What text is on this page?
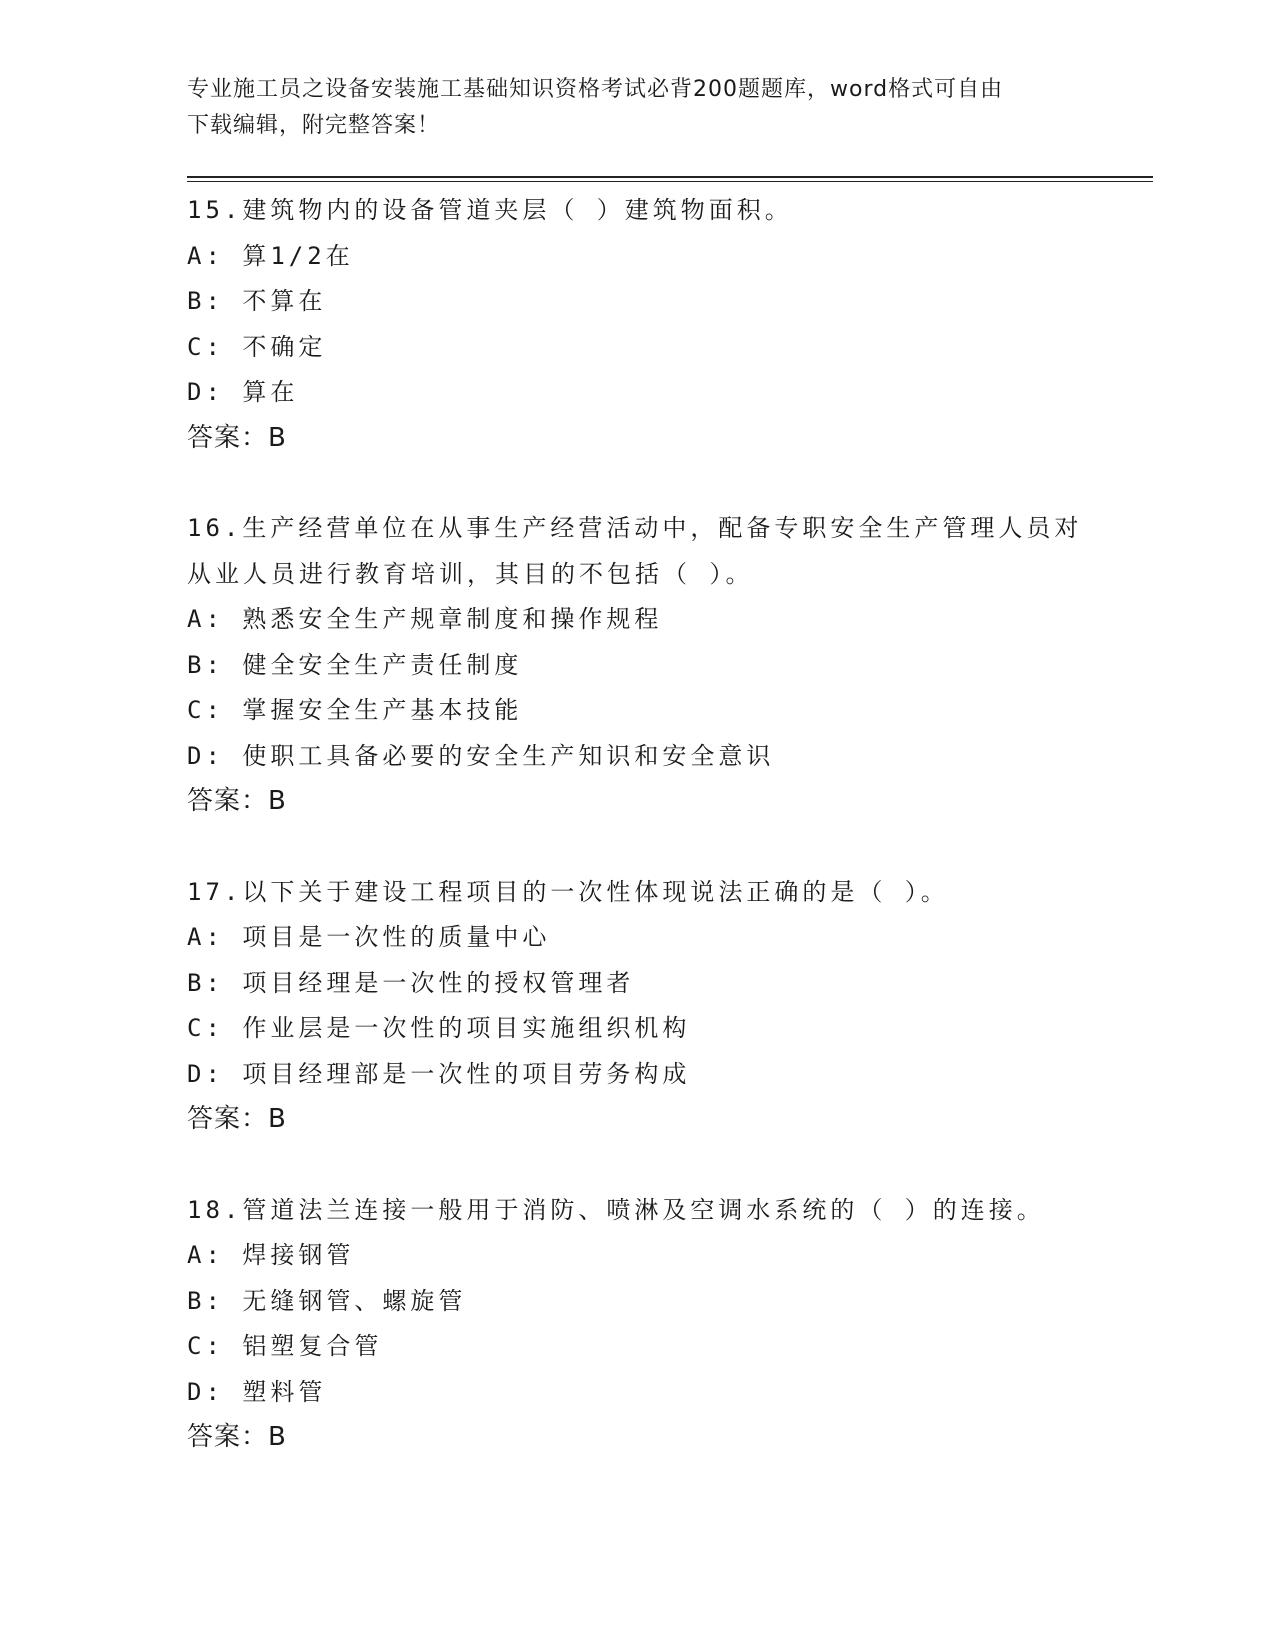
专业施工员之设备安装施工基础知识资格考试必背200题题库，word格式可自由
下载编辑，附完整答案！

15.建筑物内的设备管道夹层（ ）建筑物面积。

A: 算1/2在

B: 不算在

C: 不确定

D: 算在

答案：B

16.生产经营单位在从事生产经营活动中，配备专职安全生产管理人员对从业人员进行教育培训，其目的不包括（ ）。

A: 熟悉安全生产规章制度和操作规程

B: 健全安全生产责任制度

C: 掌握安全生产基本技能

D: 使职工具备必要的安全生产知识和安全意识

答案：B

17.以下关于建设工程项目的一次性体现说法正确的是（ ）。

A: 项目是一次性的质量中心

B: 项目经理是一次性的授权管理者

C: 作业层是一次性的项目实施组织机构

D: 项目经理部是一次性的项目劳务构成

答案：B

18.管道法兰连接一般用于消防、喷淋及空调水系统的（ ）的连接。

A: 焊接钢管

B: 无缝钢管、螺旋管

C: 铝塑复合管

D: 塑料管

答案：B
